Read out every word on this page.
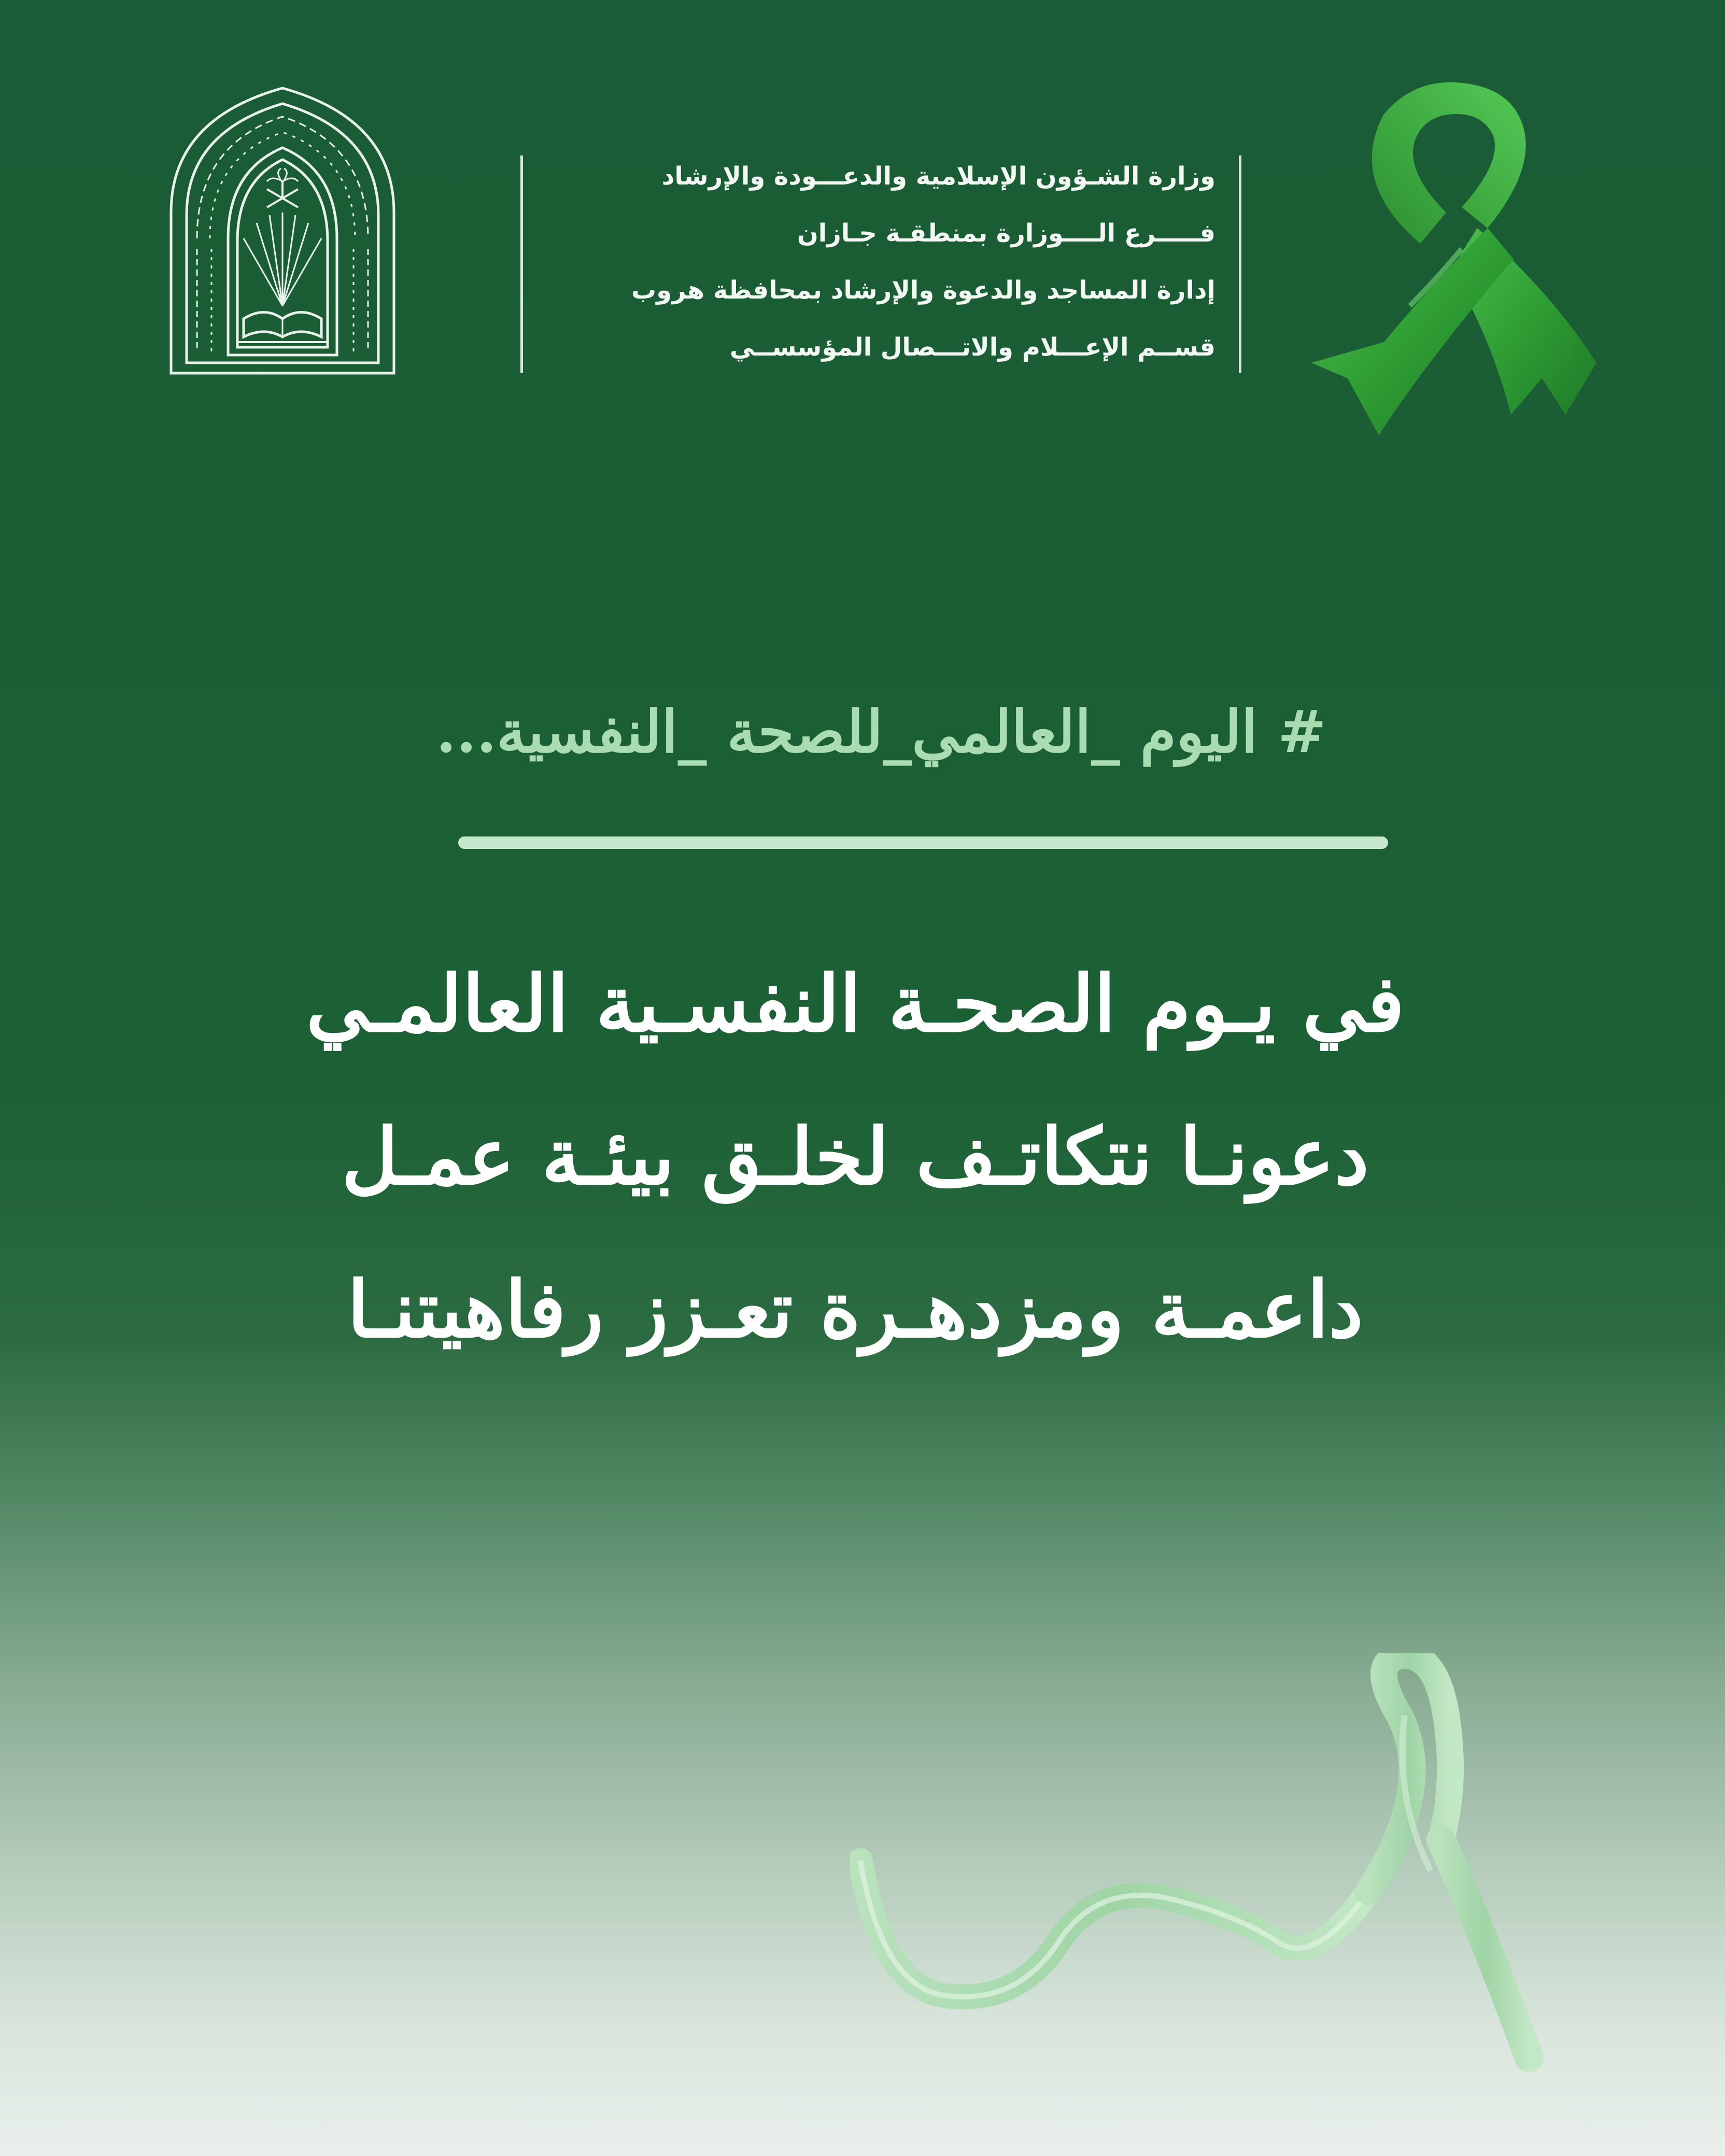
وزارة الشـؤون الإسلامية والدعـــودة والإرشاد
فـــــرع الــــوزارة بمنطقـة جـازان
إدارة المساجد والدعوة والإرشاد بمحافظة هروب
قســم الإعـــلام والاتـــصال المؤسســي
# اليوم _العالمي_للصحة _النفسية...
في يـوم الصحـة النفسـية العالمـي
دعونـا نتكاتـف لخلـق بيئـة عمـل
داعمـة ومزدهـرة تعـزز رفاهيتنـا
